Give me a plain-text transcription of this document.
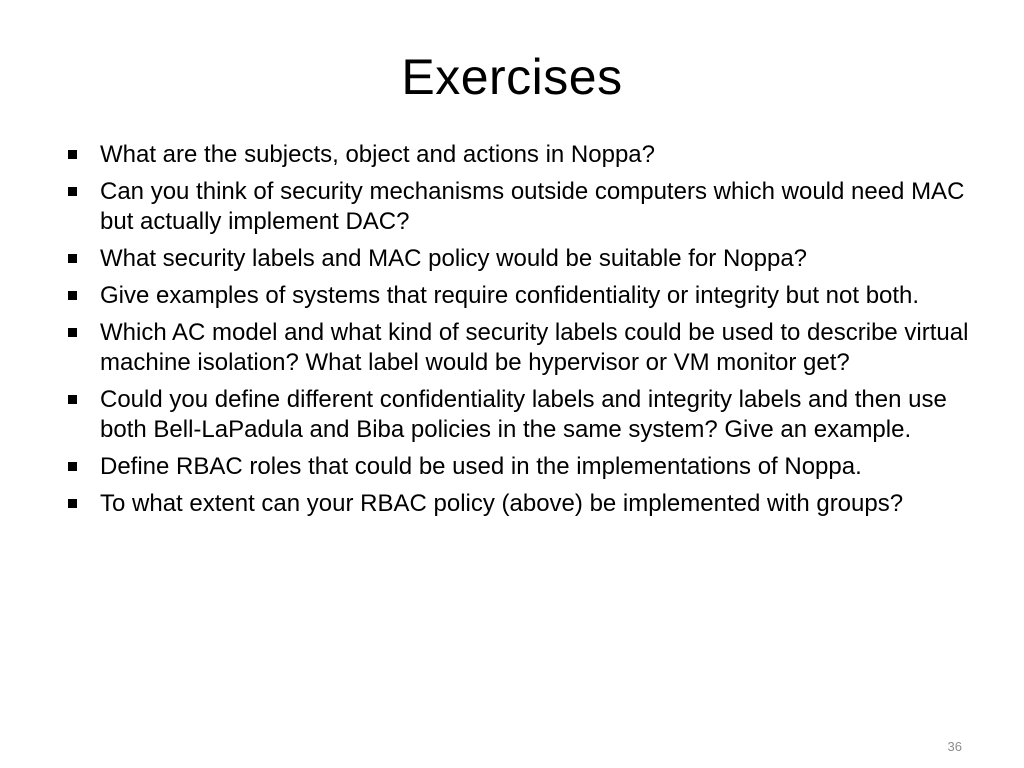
Exercises
What are the subjects, object and actions in Noppa?
Can you think of security mechanisms outside computers which would need MAC but actually implement DAC?
What security labels and MAC policy would be suitable for Noppa?
Give examples of systems that require confidentiality or integrity but not both.
Which AC model and what kind of security labels could be used to describe virtual machine isolation? What label would be hypervisor or VM monitor get?
Could you define different confidentiality labels and integrity labels and then use both Bell-LaPadula and Biba policies in the same system? Give an example.
Define RBAC roles that could be used in the implementations of Noppa.
To what extent can your RBAC policy (above) be implemented with groups?
36
